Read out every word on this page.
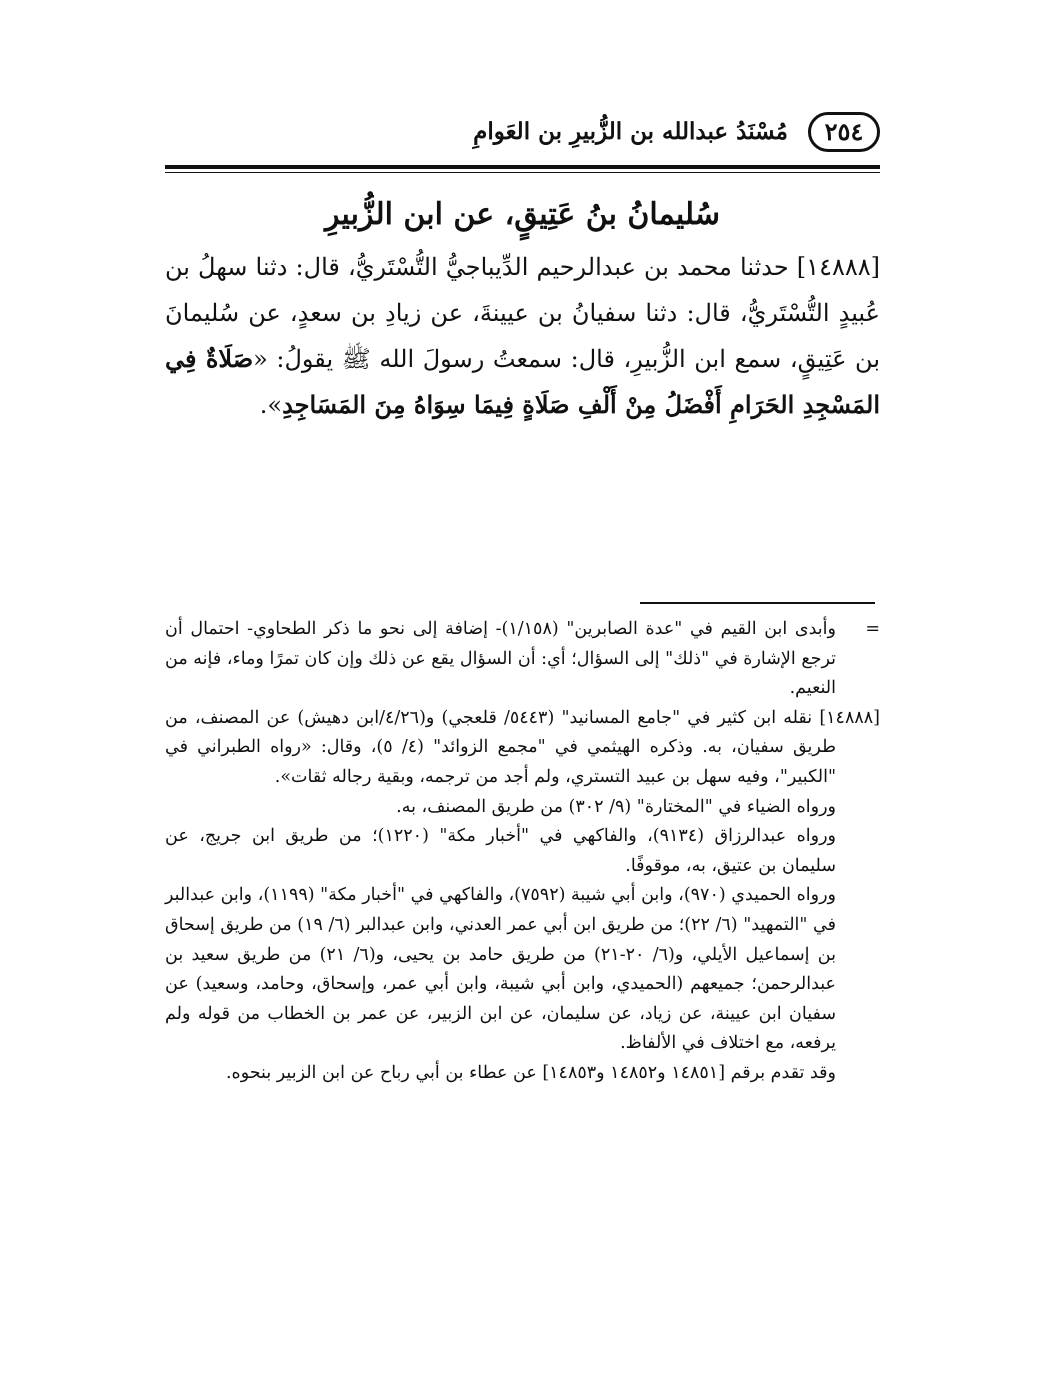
٢٥٤
مُسْنَدُ عبدالله بن الزُّبيرِ بن العَوامِ
سُليمانُ بنُ عَتِيقٍ، عن ابن الزُّبيرِ

[١٤٨٨٨] حدثنا محمد بن عبدالرحيم الدِّيباجيُّ التُّسْتَريُّ، قال: دثنا سهلُ بن عُبيدٍ التُّسْتَريُّ، قال: دثنا سفيانُ بن عيينةَ، عن زيادِ بن سعدٍ، عن سُليمانَ بن عَتِيقٍ، سمع ابن الزُّبيرِ، قال: سمعتُ رسولَ الله ﷺ يقولُ: «صَلَاةٌ فِي المَسْجِدِ الحَرَامِ أَفْضَلُ مِنْ أَلْفِ صَلَاةٍ فِيمَا سِوَاهُ مِنَ المَسَاجِدِ».

=وأبدى ابن القيم في "عدة الصابرين" (١/١٥٨)- إضافة إلى نحو ما ذكر الطحاوي- احتمال أن ترجع الإشارة في "ذلك" إلى السؤال؛ أي: أن السؤال يقع عن ذلك وإن كان تمرًا وماء، فإنه من النعيم.

[١٤٨٨٨] نقله ابن كثير في "جامع المسانيد" (٥٤٤٣/ قلعجي) و(٤/٢٦/ابن دهيش) عن المصنف، من طريق سفيان، به. وذكره الهيثمي في "مجمع الزوائد" (٤/ ٥)، وقال: «رواه الطبراني في "الكبير"، وفيه سهل بن عبيد التستري، ولم أجد من ترجمه، وبقية رجاله ثقات».

ورواه الضياء في "المختارة" (٩/ ٣٠٢) من طريق المصنف، به.

ورواه عبدالرزاق (٩١٣٤)، والفاكهي في "أخبار مكة" (١٢٢٠)؛ من طريق ابن جريج، عن سليمان بن عتيق، به، موقوفًا.

ورواه الحميدي (٩٧٠)، وابن أبي شيبة (٧٥٩٢)، والفاكهي في "أخبار مكة" (١١٩٩)، وابن عبدالبر في "التمهيد" (٦/ ٢٢)؛ من طريق ابن أبي عمر العدني، وابن عبدالبر (٦/ ١٩) من طريق إسحاق بن إسماعيل الأيلي، و(٦/ ٢٠-٢١) من طريق حامد بن يحيى، و(٦/ ٢١) من طريق سعيد بن عبدالرحمن؛ جميعهم (الحميدي، وابن أبي شيبة، وابن أبي عمر، وإسحاق، وحامد، وسعيد) عن سفيان ابن عيينة، عن زياد، عن سليمان، عن ابن الزبير، عن عمر بن الخطاب من قوله ولم يرفعه، مع اختلاف في الألفاظ.

وقد تقدم برقم [١٤٨٥١ و١٤٨٥٢ و١٤٨٥٣] عن عطاء بن أبي رباح عن ابن الزبير بنحوه.
